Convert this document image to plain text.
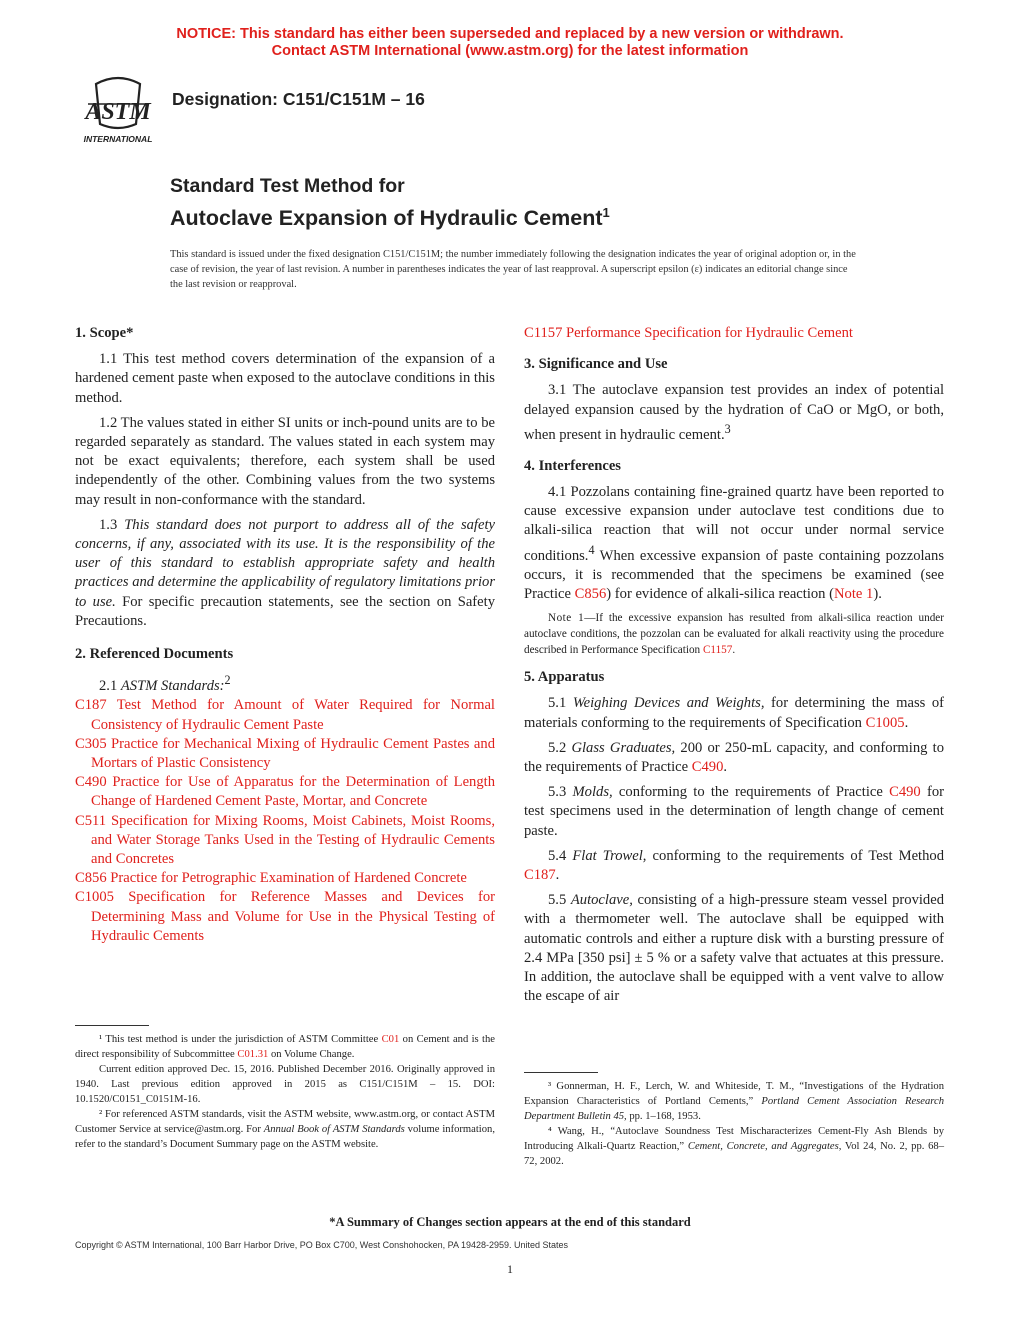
NOTICE: This standard has either been superseded and replaced by a new version or withdrawn.
Contact ASTM International (www.astm.org) for the latest information
ASTM
INTERNATIONAL
Designation: C151/C151M – 16
Standard Test Method for
Autoclave Expansion of Hydraulic Cement$^1$
This standard is issued under the fixed designation C151/C151M; the number immediately following the designation indicates the year of original adoption or, in the case of revision, the year of last revision. A number in parentheses indicates the year of last reapproval. A superscript epsilon (ε) indicates an editorial change since the last revision or reapproval.
1. Scope*

1.1 This test method covers determination of the expansion of a hardened cement paste when exposed to the autoclave conditions in this method.

1.2 The values stated in either SI units or inch-pound units are to be regarded separately as standard. The values stated in each system may not be exact equivalents; therefore, each system shall be used independently of the other. Combining values from the two systems may result in non-conformance with the standard.

1.3 This standard does not purport to address all of the safety concerns, if any, associated with its use. It is the responsibility of the user of this standard to establish appropriate safety and health practices and determine the applicability of regulatory limitations prior to use. For specific precaution statements, see the section on Safety Precautions.

2. Referenced Documents

2.1 ASTM Standards:$^2$

C187 Test Method for Amount of Water Required for Normal Consistency of Hydraulic Cement Paste

C305 Practice for Mechanical Mixing of Hydraulic Cement Pastes and Mortars of Plastic Consistency

C490 Practice for Use of Apparatus for the Determination of Length Change of Hardened Cement Paste, Mortar, and Concrete

C511 Specification for Mixing Rooms, Moist Cabinets, Moist Rooms, and Water Storage Tanks Used in the Testing of Hydraulic Cements and Concretes

C856 Practice for Petrographic Examination of Hardened Concrete

C1005 Specification for Reference Masses and Devices for Determining Mass and Volume for Use in the Physical Testing of Hydraulic Cements

¹ This test method is under the jurisdiction of ASTM Committee C01 on Cement and is the direct responsibility of Subcommittee C01.31 on Volume Change.

Current edition approved Dec. 15, 2016. Published December 2016. Originally approved in 1940. Last previous edition approved in 2015 as C151/C151M – 15. DOI: 10.1520/C0151_C0151M-16.

² For referenced ASTM standards, visit the ASTM website, www.astm.org, or contact ASTM Customer Service at service@astm.org. For Annual Book of ASTM Standards volume information, refer to the standard’s Document Summary page on the ASTM website.

C1157 Performance Specification for Hydraulic Cement

3. Significance and Use

3.1 The autoclave expansion test provides an index of potential delayed expansion caused by the hydration of CaO or MgO, or both, when present in hydraulic cement.$^3$

4. Interferences

4.1 Pozzolans containing fine-grained quartz have been reported to cause excessive expansion under autoclave test conditions due to alkali-silica reaction that will not occur under normal service conditions.$^4$ When excessive expansion of paste containing pozzolans occurs, it is recommended that the specimens be examined (see Practice C856) for evidence of alkali-silica reaction (Note 1).

Note 1—If the excessive expansion has resulted from alkali-silica reaction under autoclave conditions, the pozzolan can be evaluated for alkali reactivity using the procedure described in Performance Specification C1157.

5. Apparatus

5.1 Weighing Devices and Weights, for determining the mass of materials conforming to the requirements of Specification C1005.

5.2 Glass Graduates, 200 or 250-mL capacity, and conforming to the requirements of Practice C490.

5.3 Molds, conforming to the requirements of Practice C490 for test specimens used in the determination of length change of cement paste.

5.4 Flat Trowel, conforming to the requirements of Test Method C187.

5.5 Autoclave, consisting of a high-pressure steam vessel provided with a thermometer well. The autoclave shall be equipped with automatic controls and either a rupture disk with a bursting pressure of 2.4 MPa [350 psi] ± 5 % or a safety valve that actuates at this pressure. In addition, the autoclave shall be equipped with a vent valve to allow the escape of air

³ Gonnerman, H. F., Lerch, W. and Whiteside, T. M., “Investigations of the Hydration Expansion Characteristics of Portland Cements,” Portland Cement Association Research Department Bulletin 45, pp. 1–168, 1953.

⁴ Wang, H., “Autoclave Soundness Test Mischaracterizes Cement-Fly Ash Blends by Introducing Alkali-Quartz Reaction,” Cement, Concrete, and Aggregates, Vol 24, No. 2, pp. 68–72, 2002.

*A Summary of Changes section appears at the end of this standard
Copyright © ASTM International, 100 Barr Harbor Drive, PO Box C700, West Conshohocken, PA 19428-2959. United States
1
